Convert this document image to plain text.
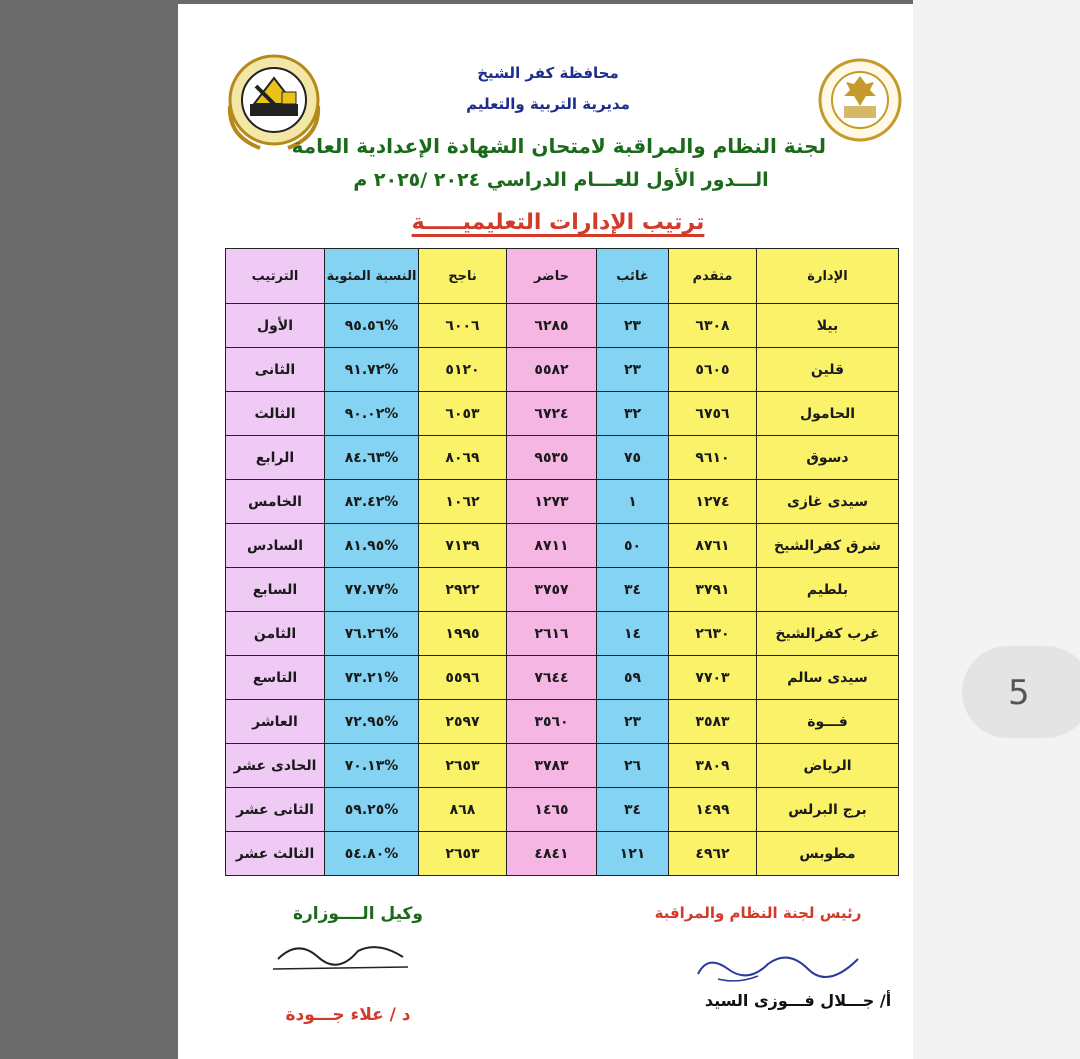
5
محافظة كفر الشيخ
مديرية التربية والتعليم
لجنة النظام والمراقبة لامتحان الشهادة الإعدادية العامة
الـــدور الأول للعـــام الدراسي ٢٠٢٤ /٢٠٢٥ م
ترتيب الإدارات التعليميـــــة
الإدارة	متقدم	غائب	حاضر	ناجح	النسبة المئوية	الترتيب
بيلا	٦٣٠٨	٢٣	٦٢٨٥	٦٠٠٦	%٩٥.٥٦	الأول
قلين	٥٦٠٥	٢٣	٥٥٨٢	٥١٢٠	%٩١.٧٢	الثانى
الحامول	٦٧٥٦	٣٢	٦٧٢٤	٦٠٥٣	%٩٠.٠٢	الثالث
دسوق	٩٦١٠	٧٥	٩٥٣٥	٨٠٦٩	%٨٤.٦٣	الرابع
سيدى غازى	١٢٧٤	١	١٢٧٣	١٠٦٢	%٨٣.٤٢	الخامس
شرق كفرالشيخ	٨٧٦١	٥٠	٨٧١١	٧١٣٩	%٨١.٩٥	السادس
بلطيم	٣٧٩١	٣٤	٣٧٥٧	٢٩٢٢	%٧٧.٧٧	السابع
غرب كفرالشيخ	٢٦٣٠	١٤	٢٦١٦	١٩٩٥	%٧٦.٢٦	الثامن
سيدى سالم	٧٧٠٣	٥٩	٧٦٤٤	٥٥٩٦	%٧٣.٢١	التاسع
فـــوة	٣٥٨٣	٢٣	٣٥٦٠	٢٥٩٧	%٧٢.٩٥	العاشر
الرياض	٣٨٠٩	٢٦	٣٧٨٣	٢٦٥٣	%٧٠.١٣	الحادى عشر
برج البرلس	١٤٩٩	٣٤	١٤٦٥	٨٦٨	%٥٩.٢٥	الثانى عشر
مطوبس	٤٩٦٢	١٢١	٤٨٤١	٢٦٥٣	%٥٤.٨٠	الثالث عشر
رئيس لجنة النظام والمراقبة
أ/ جـــلال فـــوزى السيد
وكيل الــــوزارة
د / علاء جـــودة
